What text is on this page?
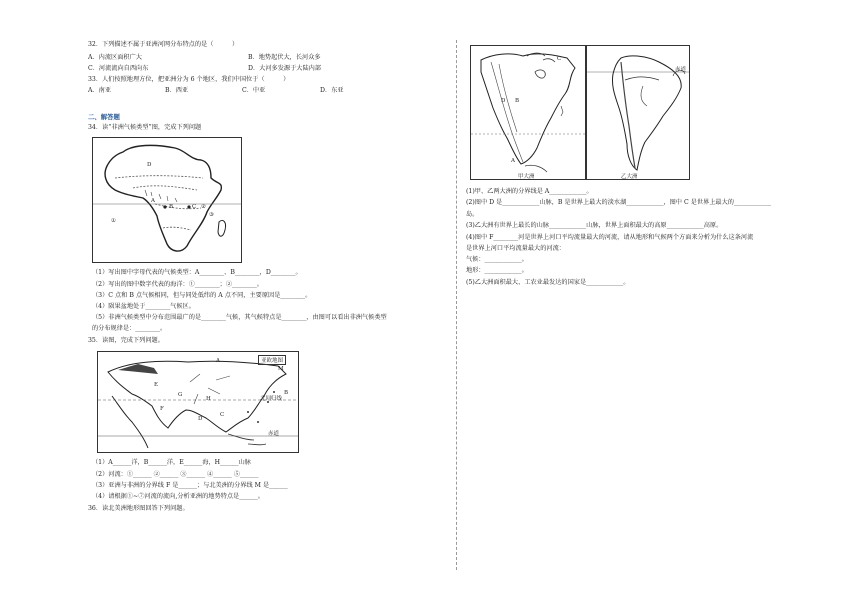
32．下列描述不属于亚洲河网分布特点的是（　　　）
A．内流区面积广大	B．地势起伏大，长河众多
C．河流流向自西向东	D．大河多发源于大陆内部
33．人们按照地理方位，把亚洲分为 6 个地区，我们中国位于（　　　）
A．南亚	B．西亚	C．中亚	D．东亚
二、解答题
34．读“非洲气候类型”图，完成下列问题
D
A
B	C
①
②
③
（1）写出图中字母代表的气候类型：A________、B________，D________。
（2）写出的图中数字代表的海洋：①________；②________。
（3）C 点和 B 点气候相同，但与同处低纬的 A 点不同，主要原因是________。
（4）陨果盆地处于________气候区。
（5）非洲气候类型中分布范围最广的是________气候，其气候特点是________，由图可以看出非洲气候类型
的分布规律是：________。
35．读图，完成下列问题。
亚欧地图
北回归线
赤道
A
B
C
D
E
F
G
H
M
（1）A______洋，B______洋，E______海，H______山脉
（2）河流：①______ ②______ ③______ ④______ ⑤______
（3）亚洲与非洲的分界线 F 是______；与北美洲的分界线 M 是______
（4）请根据①~⑦河流的流向,分析亚洲的地势特点是______。
36．读北美洲地形图回答下列问题。
D B
C
A
甲大洲
赤道
乙大洲
(1)甲、乙两大洲的分界线是 A____________。
(2)图中 D 是____________山脉，B 是世界上最大的淡水湖____________，图中 C 是世界上最大的____________
岛。
(3)乙大洲有世界上最长的山脉____________山脉，世界上面积最大的高原____________高原。
(4)图中 F________河是世界上河口平均流量最大的河流，请从地形和气候两个方面来分析为什么这条河流
是世界上河口平均流量最大的河流：
气候：____________。
地形：____________。
(5)乙大洲面积最大、工农业最发达的国家是____________。
